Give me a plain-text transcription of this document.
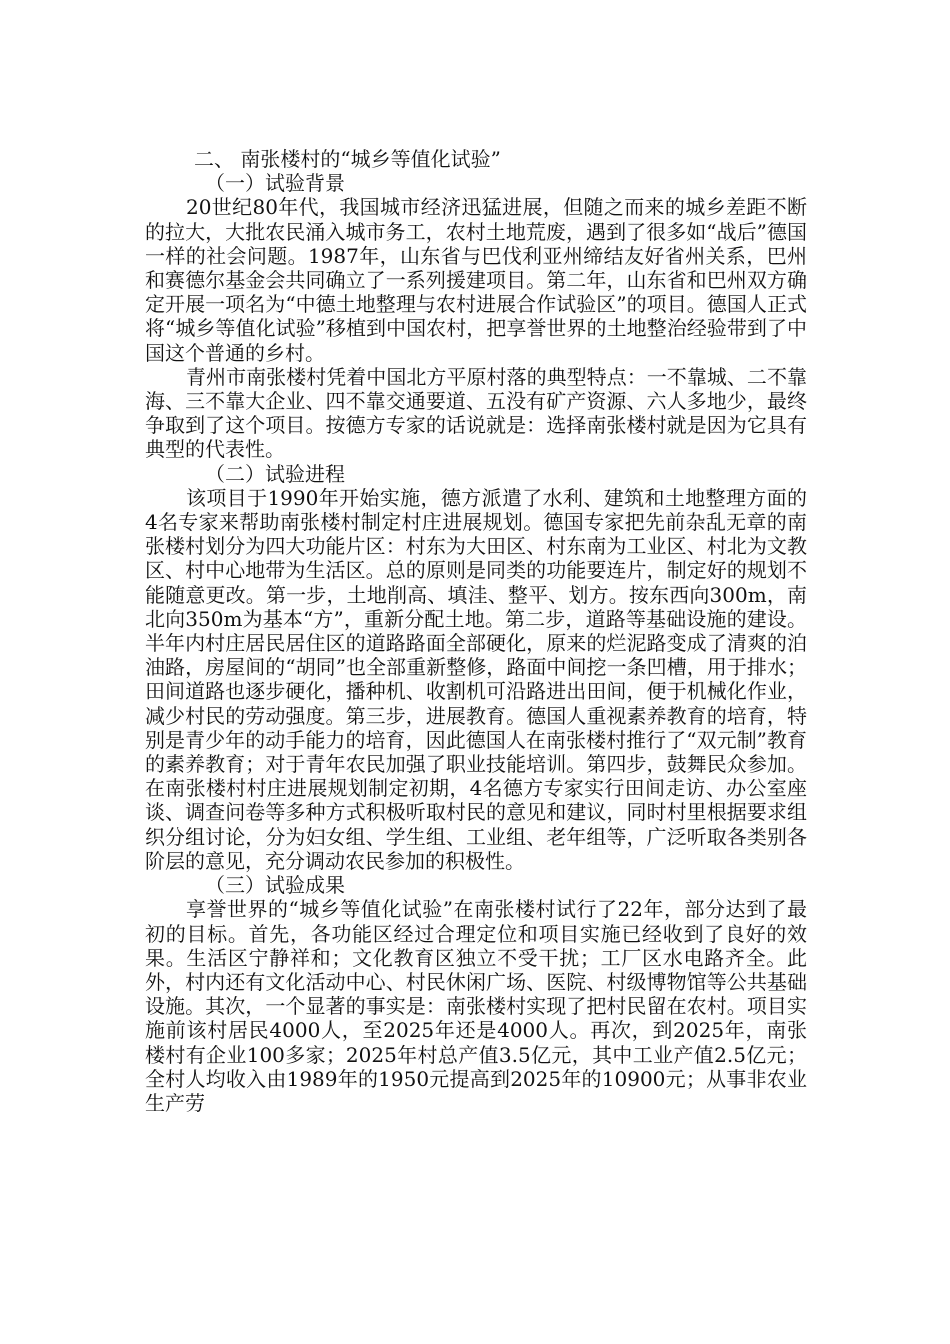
二、 南张楼村的“城乡等值化试验”
（一）试验背景

20世纪80年代，我国城市经济迅猛进展，但随之而来的城乡差距不断的拉大，大批农民涌入城市务工，农村土地荒废，遇到了很多如“战后”德国一样的社会问题。1987年，山东省与巴伐利亚州缔结友好省州关系，巴州和赛德尔基金会共同确立了一系列援建项目。第二年，山东省和巴州双方确定开展一项名为“中德土地整理与农村进展合作试验区”的项目。德国人正式将“城乡等值化试验”移植到中国农村，把享誉世界的土地整治经验带到了中国这个普通的乡村。

青州市南张楼村凭着中国北方平原村落的典型特点：一不靠城、二不靠海、三不靠大企业、四不靠交通要道、五没有矿产资源、六人多地少，最终争取到了这个项目。按德方专家的话说就是：选择南张楼村就是因为它具有典型的代表性。

（二）试验进程

该项目于1990年开始实施，德方派遣了水利、建筑和土地整理方面的4名专家来帮助南张楼村制定村庄进展规划。德国专家把先前杂乱无章的南张楼村划分为四大功能片区：村东为大田区、村东南为工业区、村北为文教区、村中心地带为生活区。总的原则是同类的功能要连片，制定好的规划不能随意更改。第一步，土地削高、填洼、整平、划方。按东西向300m，南北向350m为基本“方”，重新分配土地。第二步，道路等基础设施的建设。半年内村庄居民居住区的道路路面全部硬化，原来的烂泥路变成了清爽的泊油路，房屋间的“胡同”也全部重新整修，路面中间挖一条凹槽，用于排水；田间道路也逐步硬化，播种机、收割机可沿路进出田间，便于机械化作业，减少村民的劳动强度。第三步，进展教育。德国人重视素养教育的培育，特别是青少年的动手能力的培育，因此德国人在南张楼村推行了“双元制”教育的素养教育；对于青年农民加强了职业技能培训。第四步，鼓舞民众参加。在南张楼村村庄进展规划制定初期，4名德方专家实行田间走访、办公室座谈、调查问卷等多种方式积极听取村民的意见和建议，同时村里根据要求组织分组讨论，分为妇女组、学生组、工业组、老年组等，广泛听取各类别各阶层的意见，充分调动农民参加的积极性。

（三）试验成果

享誉世界的“城乡等值化试验”在南张楼村试行了22年，部分达到了最初的目标。首先，各功能区经过合理定位和项目实施已经收到了良好的效果。生活区宁静祥和；文化教育区独立不受干扰；工厂区水电路齐全。此外，村内还有文化活动中心、村民休闲广场、医院、村级博物馆等公共基础设施。其次，一个显著的事实是：南张楼村实现了把村民留在农村。项目实施前该村居民4000人，至2025年还是4000人。再次，到2025年，南张楼村有企业100多家；2025年村总产值3.5亿元，其中工业产值2.5亿元；全村人均收入由1989年的1950元提高到2025年的10900元；从事非农业生产劳
